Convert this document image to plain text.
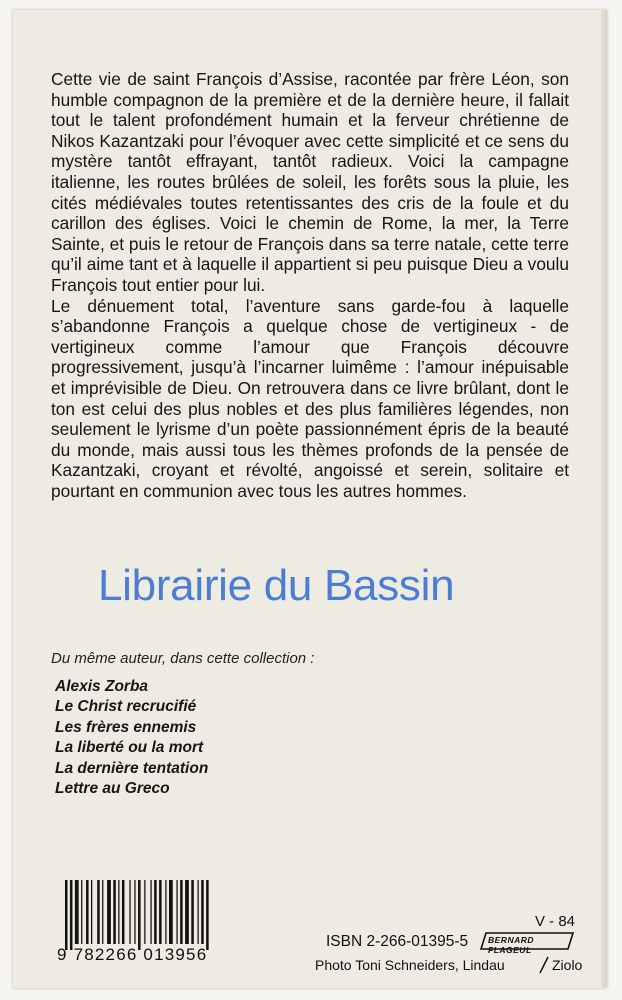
Cette vie de saint François d’Assise, racontée par frère Léon, son humble compagnon de la première et de la dernière heure, il fallait tout le talent profondément humain et la ferveur chrétienne de Nikos Kazantzaki pour l’évoquer avec cette simplicité et ce sens du mystère tantôt effrayant, tantôt radieux. Voici la campagne italienne, les routes brûlées de soleil, les forêts sous la pluie, les cités médiévales toutes retentissantes des cris de la foule et du carillon des églises. Voici le chemin de Rome, la mer, la Terre Sainte, et puis le retour de François dans sa terre natale, cette terre qu’il aime tant et à laquelle il appartient si peu puisque Dieu a voulu François tout entier pour lui.

Le dénuement total, l’aventure sans garde-fou à laquelle s’abandonne François a quelque chose de vertigineux - de vertigineux comme l’amour que François découvre progressivement, jusqu’à l’incarner luimême : l’amour inépuisable et imprévisible de Dieu. On retrouvera dans ce livre brûlant, dont le ton est celui des plus nobles et des plus familières légendes, non seulement le lyrisme d’un poète passionnément épris de la beauté du monde, mais aussi tous les thèmes profonds de la pensée de Kazantzaki, croyant et révolté, angoissé et serein, solitaire et pourtant en communion avec tous les autres hommes.

Librairie du Bassin
Du même auteur, dans cette collection :
Alexis Zorba
Le Christ recrucifié
Les frères ennemis
La liberté ou la mort
La dernière tentation
Lettre au Greco
9 782266 013956
V - 84
ISBN 2-266-01395-5 BERNARD FLAGEUL
Photo Toni Schneiders, Lindau	Ziolo
